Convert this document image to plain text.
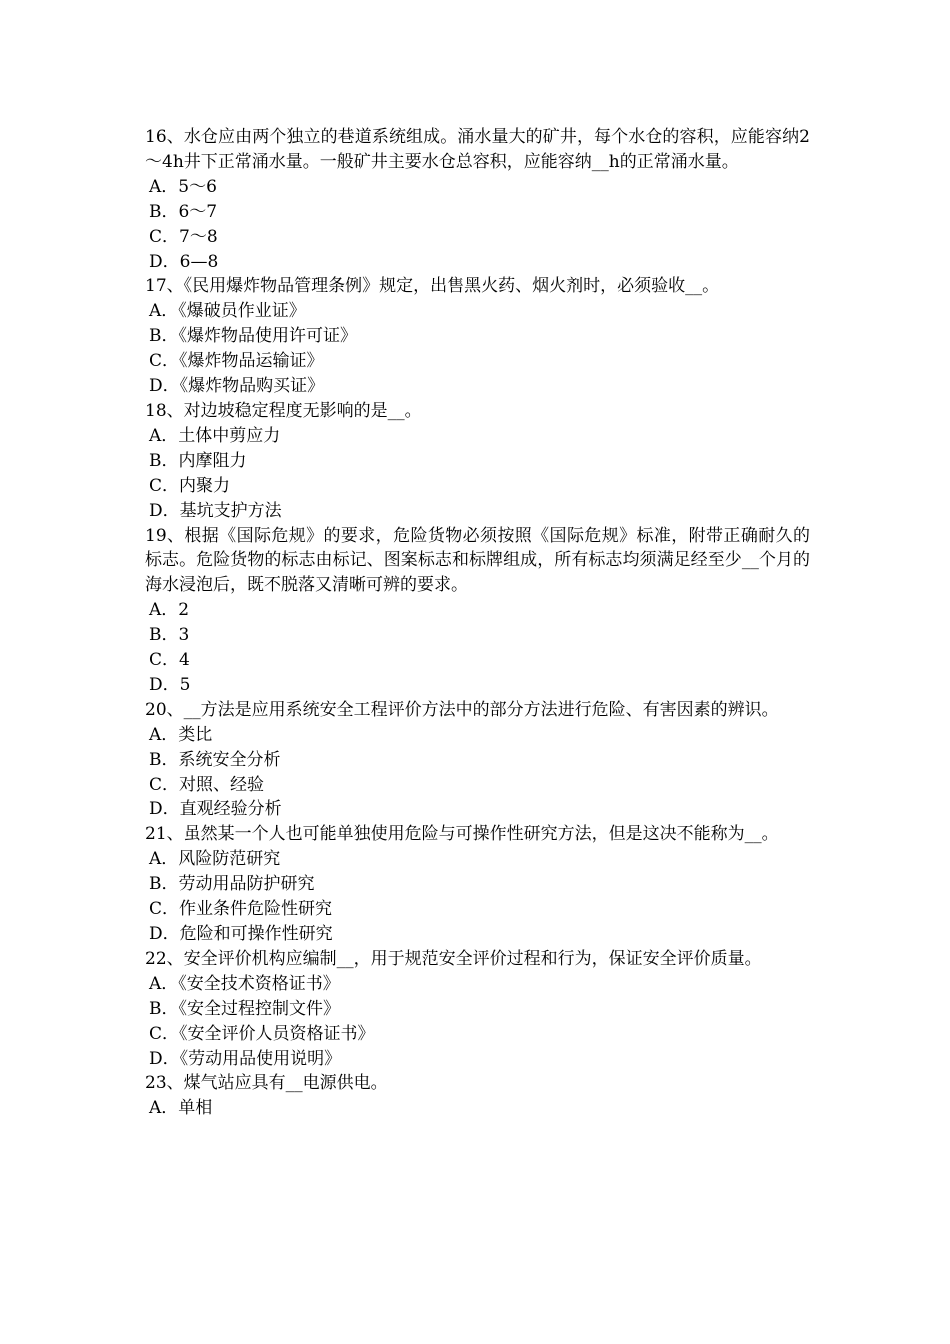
16、水仓应由两个独立的巷道系统组成。涌水量大的矿井，每个水仓的容积，应能容纳2～4h井下正常涌水量。一般矿井主要水仓总容积，应能容纳__h的正常涌水量。
A．5～6
B．6～7
C．7～8
D．6—8
17、《民用爆炸物品管理条例》规定，出售黑火药、烟火剂时，必须验收__。
A．《爆破员作业证》
B．《爆炸物品使用许可证》
C．《爆炸物品运输证》
D．《爆炸物品购买证》
18、对边坡稳定程度无影响的是__。
A．土体中剪应力
B．内摩阻力
C．内聚力
D．基坑支护方法
19、根据《国际危规》的要求，危险货物必须按照《国际危规》标准，附带正确耐久的标志。危险货物的标志由标记、图案标志和标牌组成，所有标志均须满足经至少__个月的海水浸泡后，既不脱落又清晰可辨的要求。
A．2
B．3
C．4
D．5
20、__方法是应用系统安全工程评价方法中的部分方法进行危险、有害因素的辨识。
A．类比
B．系统安全分析
C．对照、经验
D．直观经验分析
21、虽然某一个人也可能单独使用危险与可操作性研究方法，但是这决不能称为__。
A．风险防范研究
B．劳动用品防护研究
C．作业条件危险性研究
D．危险和可操作性研究
22、安全评价机构应编制__，用于规范安全评价过程和行为，保证安全评价质量。
A．《安全技术资格证书》
B．《安全过程控制文件》
C．《安全评价人员资格证书》
D．《劳动用品使用说明》
23、煤气站应具有__电源供电。
A．单相
